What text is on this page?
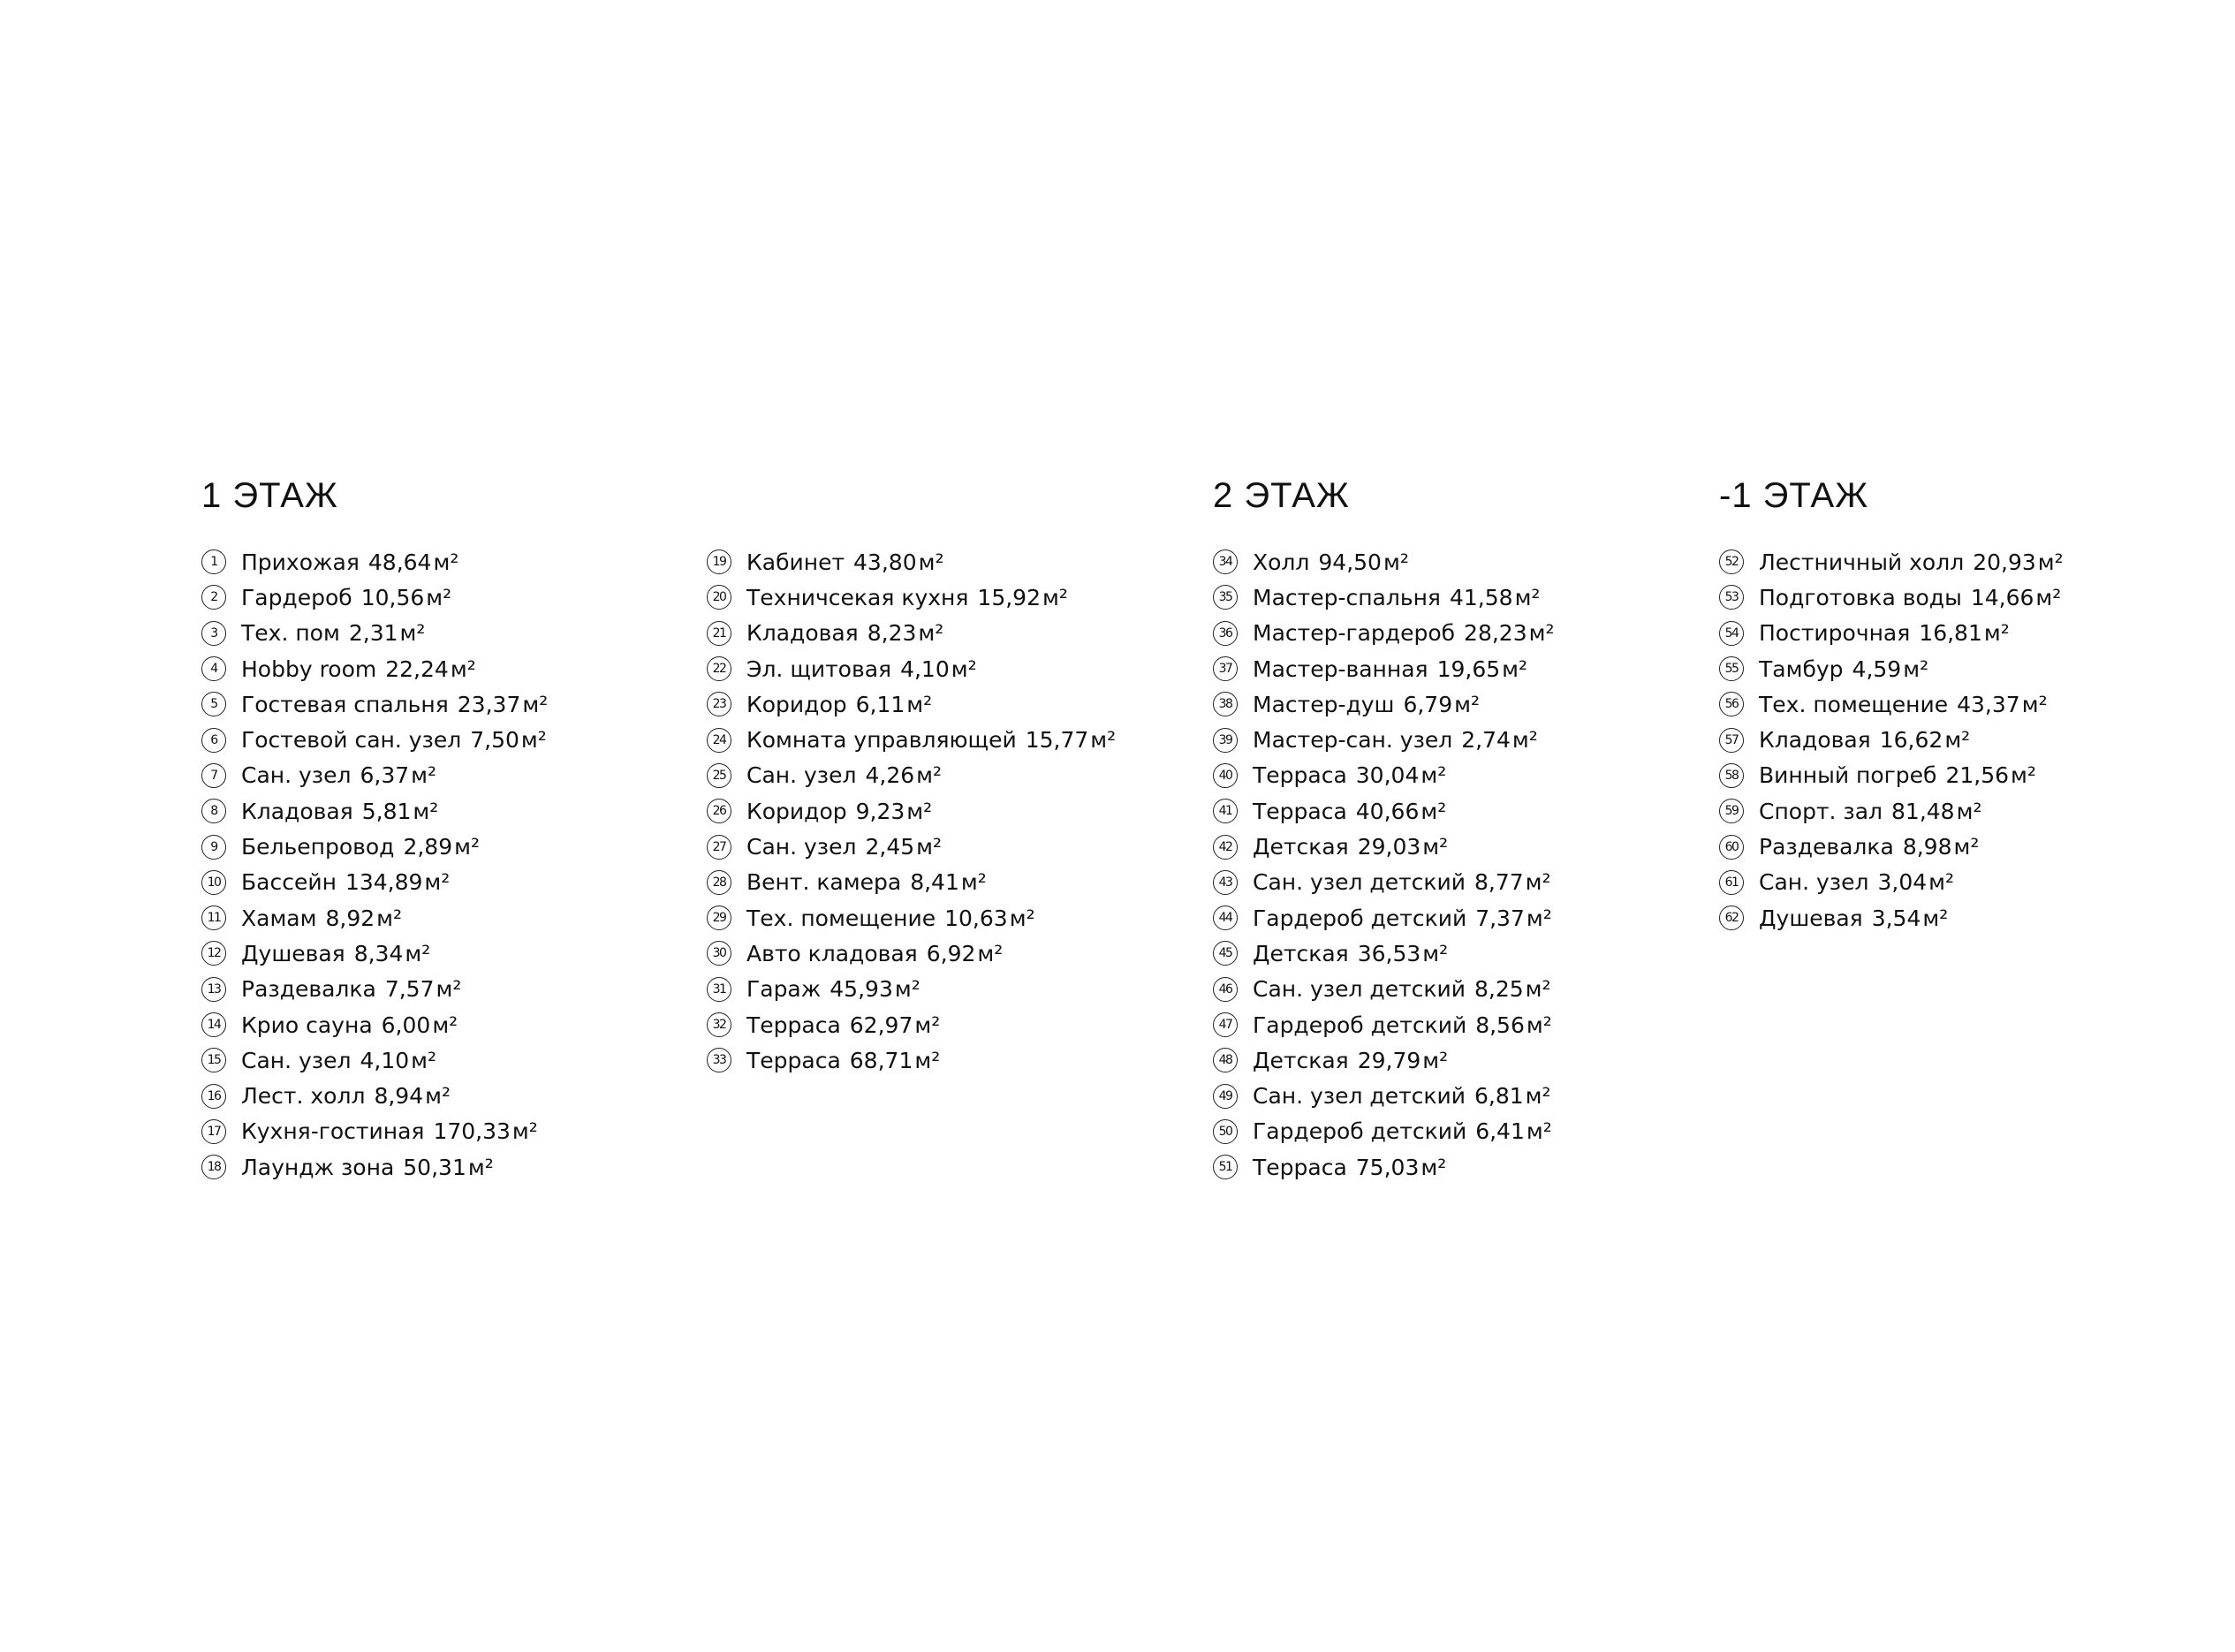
1 ЭТАЖ	2 ЭТАЖ	-1 ЭТАЖ
1	Прихожая 48,64 м²
2	Гардероб 10,56 м²
3	Тех. пом 2,31 м²
4	Hobby room 22,24 м²
5	Гостевая спальня 23,37 м²
6	Гостевой сан. узел 7,50 м²
7	Сан. узел 6,37 м²
8	Кладовая 5,81 м²
9	Бельепровод 2,89 м²
10 Бассейн 134,89 м²
11 Хамам 8,92 м²
12 Душевая 8,34 м²
13 Раздевалка 7,57 м²
14 Крио сауна 6,00 м²
15 Сан. узел 4,10 м²
16 Лест. холл 8,94 м²
17 Кухня-гостиная 170,33 м²
18 Лаундж зона 50,31 м²
19 Кабинет 43,80 м²
20 Техничсекая кухня 15,92 м²
21 Кладовая 8,23 м²
22 Эл. щитовая 4,10 м²
23 Коридор 6,11 м²
24 Комната управляющей 15,77 м²
25 Сан. узел 4,26 м²
26 Коридор 9,23 м²
27 Сан. узел 2,45 м²
28 Вент. камера 8,41 м²
29 Тех. помещение 10,63 м²
30 Авто кладовая 6,92 м²
31 Гараж 45,93 м²
32 Терраса 62,97 м²
33 Терраса 68,71 м²
34 Холл 94,50 м²
35 Мастер-спальня 41,58 м²
36 Мастер-гардероб 28,23 м²
37 Мастер-ванная 19,65 м²
38 Мастер-душ 6,79 м²
39 Мастер-сан. узел 2,74 м²
40 Терраса 30,04 м²
41 Терраса 40,66 м²
42 Детская 29,03 м²
43 Сан. узел детский 8,77 м²
44 Гардероб детский 7,37 м²
45 Детская 36,53 м²
46 Сан. узел детский 8,25 м²
47 Гардероб детский 8,56 м²
48 Детская 29,79 м²
49 Сан. узел детский 6,81 м²
50 Гардероб детский 6,41 м²
51 Терраса 75,03 м²
52 Лестничный холл 20,93 м²
53 Подготовка воды 14,66 м²
54 Постирочная 16,81 м²
55 Тамбур 4,59 м²
56 Тех. помещение 43,37 м²
57 Кладовая 16,62 м²
58 Винный погреб 21,56 м²
59 Спорт. зал 81,48 м²
60 Раздевалка 8,98 м²
61 Сан. узел 3,04 м²
62 Душевая 3,54 м²
